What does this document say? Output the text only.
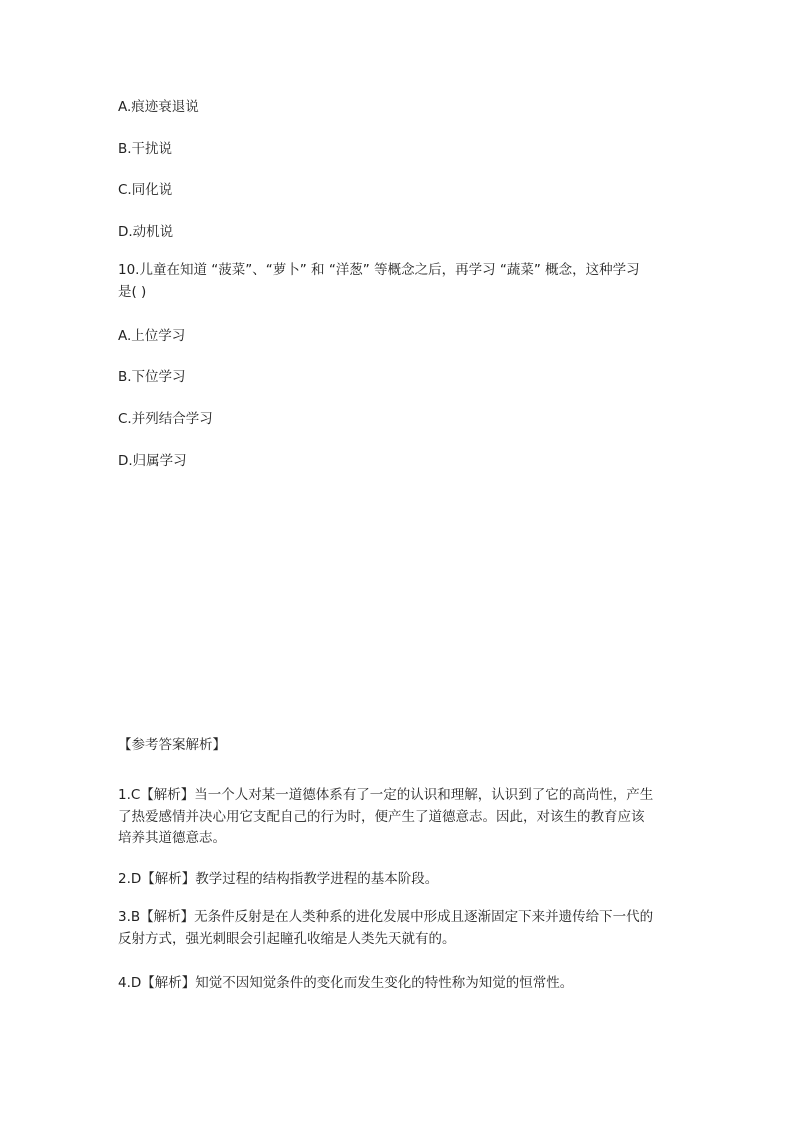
A.痕迹衰退说
B.干扰说
C.同化说
D.动机说
10.儿童在知道 “菠菜”、“萝卜” 和 “洋葱” 等概念之后，再学习 “蔬菜” 概念，这种学习
是( )
A.上位学习
B.下位学习
C.并列结合学习
D.归属学习
【参考答案解析】
1.C【解析】当一个人对某一道德体系有了一定的认识和理解，认识到了它的高尚性，产生
了热爱感情并决心用它支配自己的行为时，便产生了道德意志。因此，对该生的教育应该
培养其道德意志。
2.D【解析】教学过程的结构指教学进程的基本阶段。
3.B【解析】无条件反射是在人类种系的进化发展中形成且逐渐固定下来并遗传给下一代的
反射方式，强光刺眼会引起瞳孔收缩是人类先天就有的。
4.D【解析】知觉不因知觉条件的变化而发生变化的特性称为知觉的恒常性。
